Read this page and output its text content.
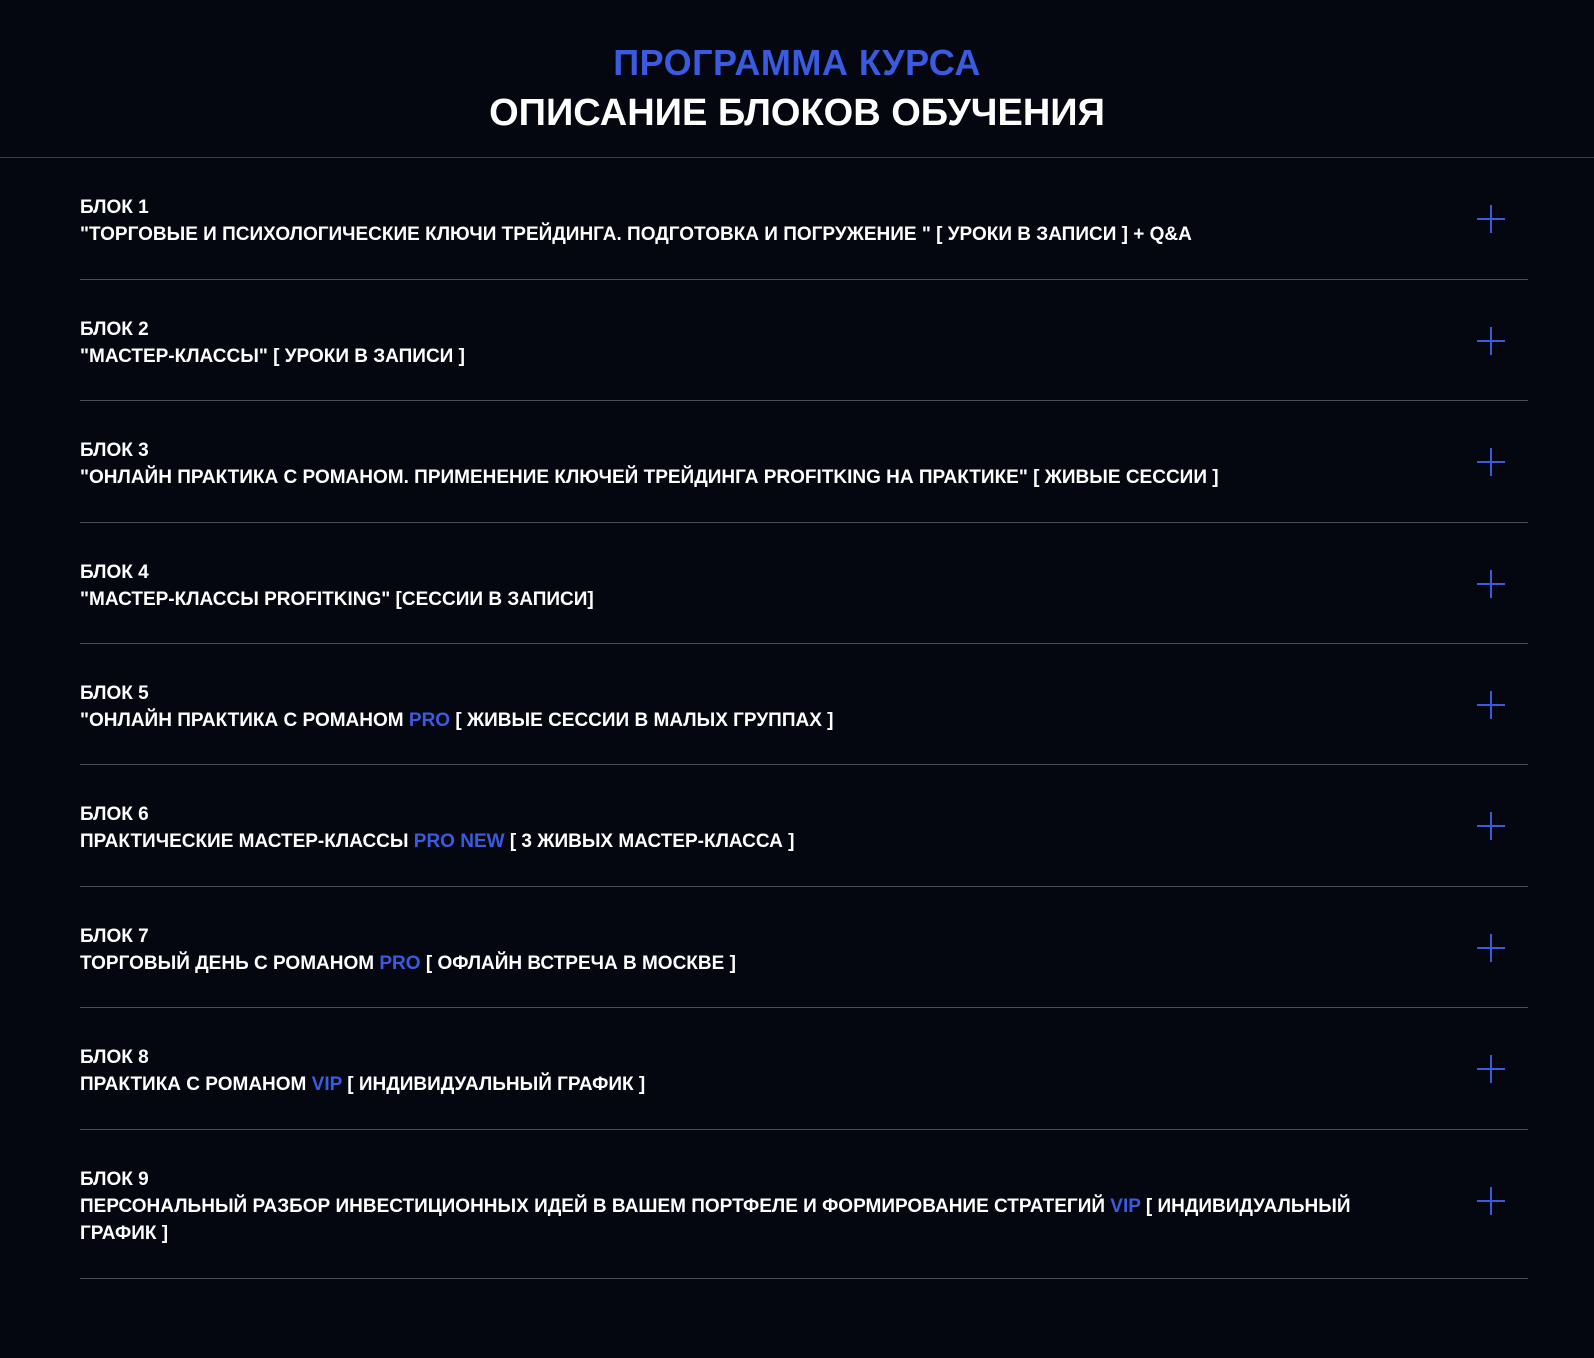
ПРОГРАММА КУРСА
ОПИСАНИЕ БЛОКОВ ОБУЧЕНИЯ
БЛОК 1
"ТОРГОВЫЕ И ПСИХОЛОГИЧЕСКИЕ КЛЮЧИ ТРЕЙДИНГА. ПОДГОТОВКА И ПОГРУЖЕНИЕ " [ УРОКИ В ЗАПИСИ ] + Q&A
БЛОК 2
"МАСТЕР-КЛАССЫ" [ УРОКИ В ЗАПИСИ ]
БЛОК 3
"ОНЛАЙН ПРАКТИКА С РОМАНОМ. ПРИМЕНЕНИЕ КЛЮЧЕЙ ТРЕЙДИНГА PROFITKING НА ПРАКТИКЕ" [ ЖИВЫЕ СЕССИИ ]
БЛОК 4
"МАСТЕР-КЛАССЫ PROFITKING" [СЕССИИ В ЗАПИСИ]
БЛОК 5
"ОНЛАЙН ПРАКТИКА С РОМАНОМ PRO [ ЖИВЫЕ СЕССИИ В МАЛЫХ ГРУППАХ ]
БЛОК 6
ПРАКТИЧЕСКИЕ МАСТЕР-КЛАССЫ PRO NEW [ 3 ЖИВЫХ МАСТЕР-КЛАССА ]
БЛОК 7
ТОРГОВЫЙ ДЕНЬ С РОМАНОМ PRO [ ОФЛАЙН ВСТРЕЧА В МОСКВЕ ]
БЛОК 8
ПРАКТИКА С РОМАНОМ VIP [ ИНДИВИДУАЛЬНЫЙ ГРАФИК ]
БЛОК 9
ПЕРСОНАЛЬНЫЙ РАЗБОР ИНВЕСТИЦИОННЫХ ИДЕЙ В ВАШЕМ ПОРТФЕЛЕ И ФОРМИРОВАНИЕ СТРАТЕГИЙ VIP [ ИНДИВИДУАЛЬНЫЙ ГРАФИК ]
